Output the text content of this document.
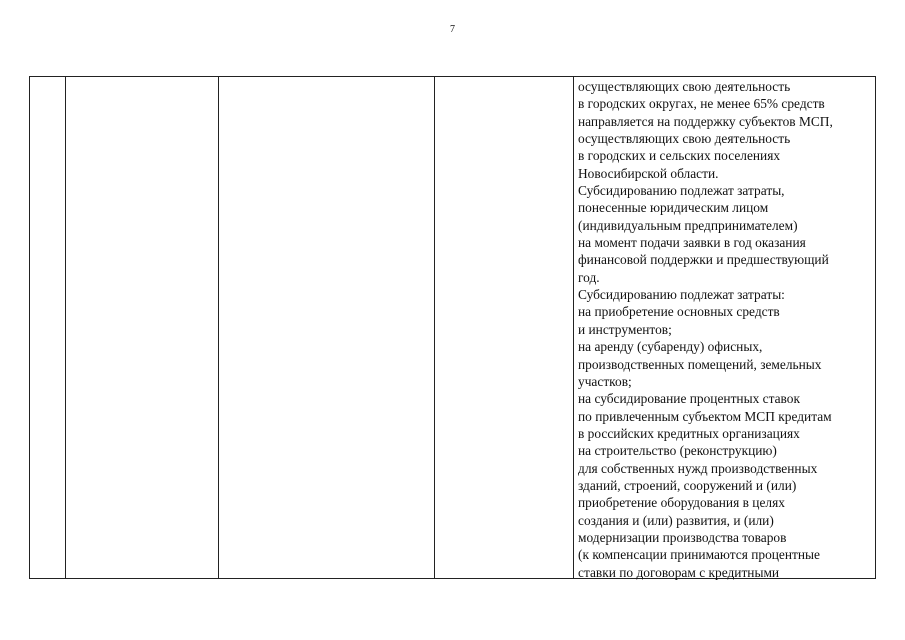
7
осуществляющих свою деятельность
в городских округах, не менее 65% средств
направляется на поддержку субъектов МСП,
осуществляющих свою деятельность
в городских и сельских поселениях
Новосибирской области.
Субсидированию подлежат затраты,
понесенные юридическим лицом
(индивидуальным предпринимателем)
на момент подачи заявки в год оказания
финансовой поддержки и предшествующий
год.
Субсидированию подлежат затраты:
на приобретение основных средств
и инструментов;
на аренду (субаренду) офисных,
производственных помещений, земельных
участков;
на субсидирование процентных ставок
по привлеченным субъектом МСП кредитам
в российских кредитных организациях
на строительство (реконструкцию)
для собственных нужд производственных
зданий, строений, сооружений и (или)
приобретение оборудования в целях
создания и (или) развития, и (или)
модернизации производства товаров
(к компенсации принимаются процентные
ставки по договорам с кредитными
